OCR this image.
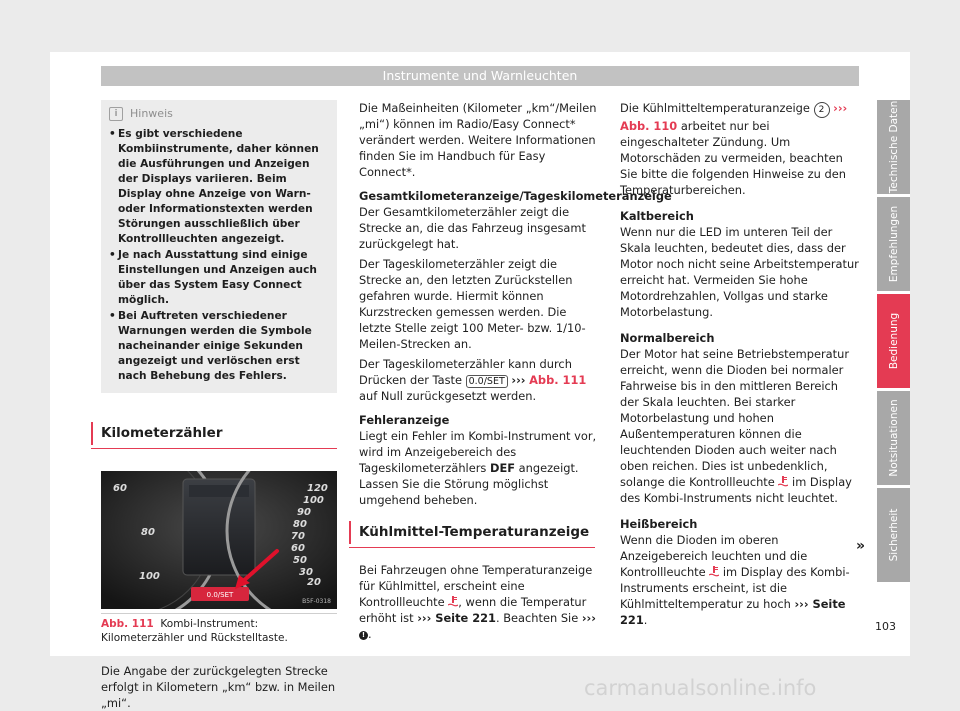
Instrumente und Warnleuchten
i	Hinweis
• Es gibt verschiedene Kombiinstrumente, daher können die Ausführungen und Anzeigen der Displays variieren. Beim Display ohne Anzeige von Warn- oder Informationstexten werden Störungen ausschließlich über Kontrollleuchten angezeigt.
• Je nach Ausstattung sind einige Einstellungen und Anzeigen auch über das System Easy Connect möglich.
• Bei Auftreten verschiedener Warnungen werden die Symbole nacheinander einige Sekunden angezeigt und verlöschen erst nach Behebung des Fehlers.
Kilometerzähler
60
80
100
120
100
90
80
70
60
50
30
20
0.0/SET
B5F-0318
Abb. 111 Kombi-Instrument: Kilometerzähler und Rückstelltaste.

Die Angabe der zurückgelegten Strecke erfolgt in Kilometern „km“ bzw. in Meilen „mi“.

Die Maßeinheiten (Kilometer „km“/Meilen „mi“) können im Radio/Easy Connect* verändert werden. Weitere Informationen finden Sie im Handbuch für Easy Connect*.

Gesamtkilometeranzeige/Tageskilometeranzeige

Der Gesamtkilometerzähler zeigt die Strecke an, die das Fahrzeug insgesamt zurückgelegt hat.

Der Tageskilometerzähler zeigt die Strecke an, den letzten Zurückstellen gefahren wurde. Hiermit können Kurzstrecken gemessen werden. Die letzte Stelle zeigt 100 Meter- bzw. 1/10-Meilen-Strecken an.

Der Tageskilometerzähler kann durch Drücken der Taste 0.0/SET ››› Abb. 111 auf Null zurückgesetzt werden.

Fehleranzeige

Liegt ein Fehler im Kombi-Instrument vor, wird im Anzeigebereich des Tageskilometerzählers DEF angezeigt. Lassen Sie die Störung möglichst umgehend beheben.

Kühlmittel-Temperaturanzeige

Bei Fahrzeugen ohne Temperaturanzeige für Kühlmittel, erscheint eine Kontrollleuchte , wenn die Temperatur erhöht ist ››› Seite 221. Beachten Sie ››› ! .

Die Kühlmitteltemperaturanzeige 2 ››› Abb. 110 arbeitet nur bei eingeschalteter Zündung. Um Motorschäden zu vermeiden, beachten Sie bitte die folgenden Hinweise zu den Temperaturbereichen.

Kaltbereich

Wenn nur die LED im unteren Teil der Skala leuchten, bedeutet dies, dass der Motor noch nicht seine Arbeitstemperatur erreicht hat. Vermeiden Sie hohe Motordrehzahlen, Vollgas und starke Motorbelastung.

Normalbereich

Der Motor hat seine Betriebstemperatur erreicht, wenn die Dioden bei normaler Fahrweise bis in den mittleren Bereich der Skala leuchten. Bei starker Motorbelastung und hohen Außentemperaturen können die leuchtenden Dioden auch weiter nach oben reichen. Dies ist unbedenklich, solange die Kontrollleuchte im Display des Kombi-Instruments nicht leuchtet.

Heißbereich

Wenn die Dioden im oberen Anzeigebereich leuchten und die Kontrollleuchte im Display des Kombi-Instruments erscheint, ist die Kühlmitteltemperatur zu hoch ››› Seite 221.

»
Technische Daten
Empfehlungen
Bedienung
Notsituationen
Sicherheit
103
carmanualsonline.info
